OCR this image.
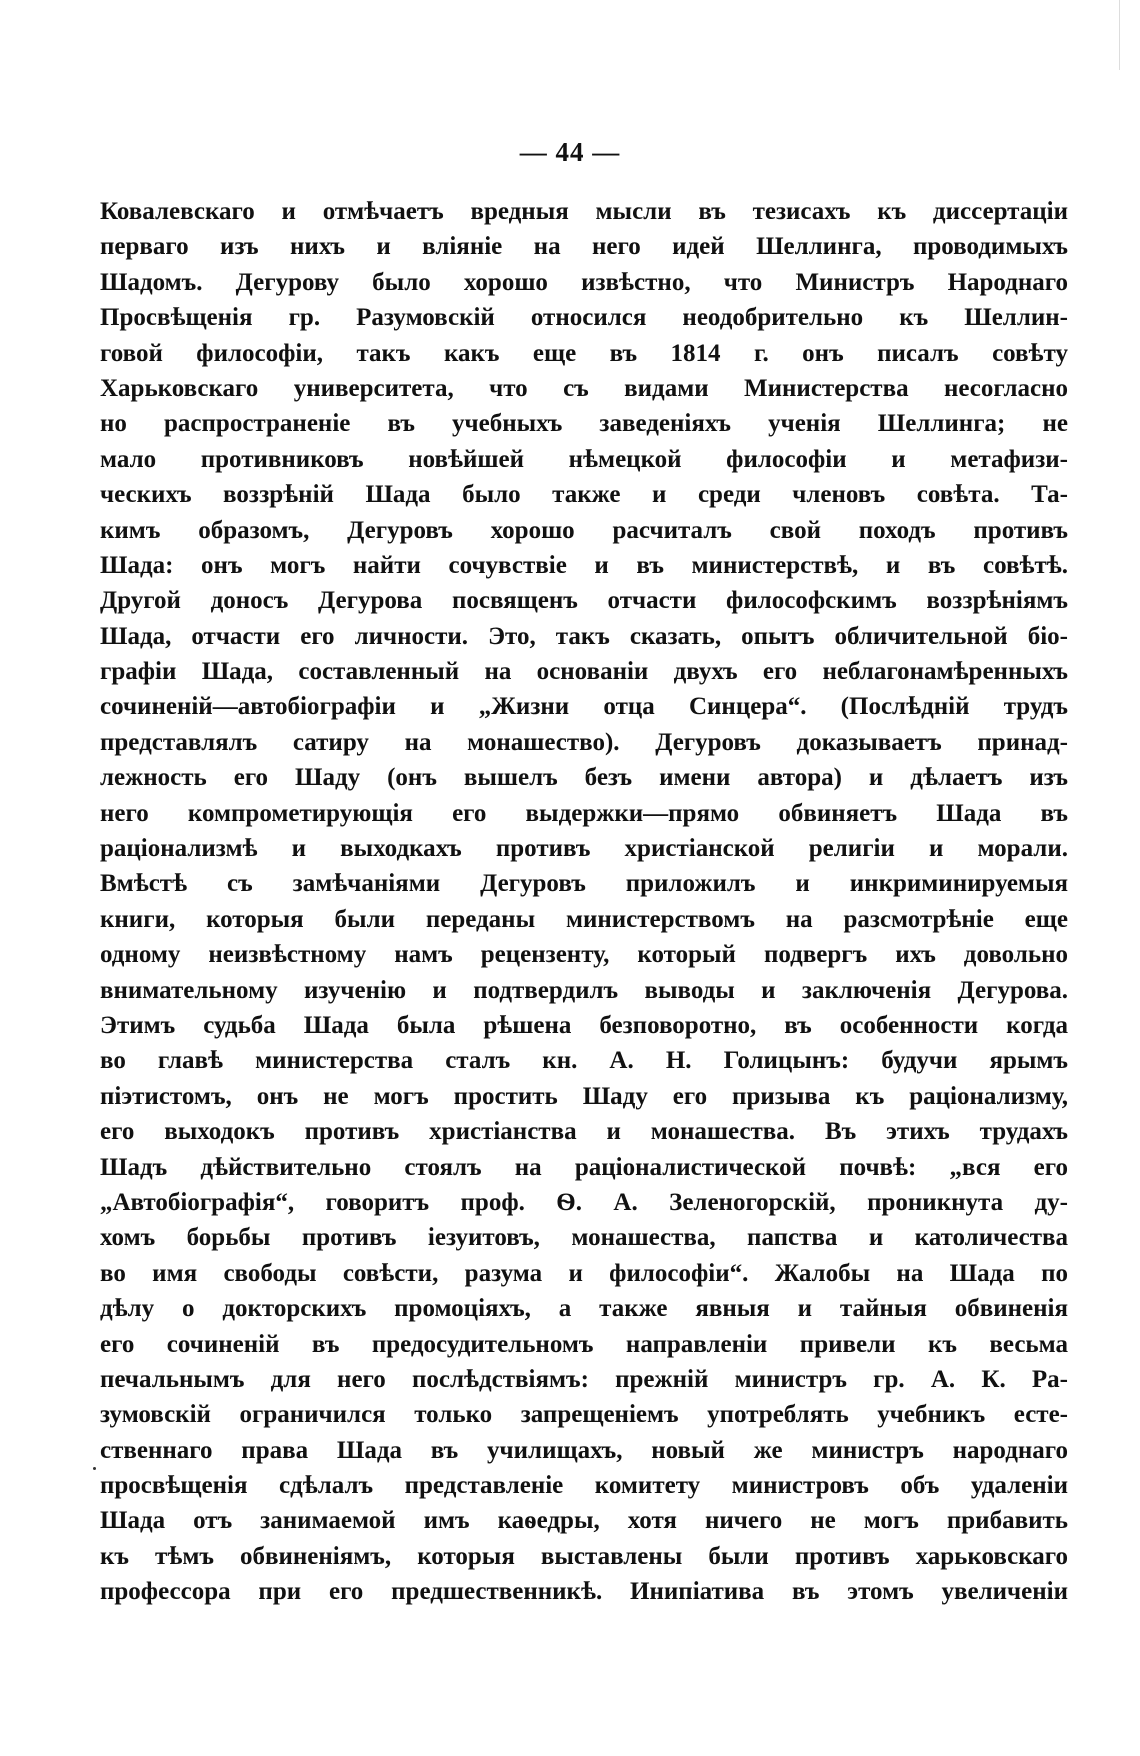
— 44 —
Ковалевскаго и отмѣчаетъ вредныя мысли въ тезисахъ къ диссертаціи
перваго изъ нихъ и вліяніе на него идей Шеллинга, проводимыхъ
Шадомъ. Дегурову было хорошо извѣстно, что Министръ Народнаго
Просвѣщенія гр. Разумовскій относился неодобрительно къ Шеллин-
говой философіи, такъ какъ еще въ 1814 г. онъ писалъ совѣту
Харьковскаго университета, что съ видами Министерства несогласно
но распространеніе въ учебныхъ заведеніяхъ ученія Шеллинга; не
мало противниковъ новѣйшей нѣмецкой философіи и метафизи-
ческихъ воззрѣній Шада было также и среди членовъ совѣта. Та-
кимъ образомъ, Дегуровъ хорошо расчиталъ свой походъ противъ
Шада: онъ могъ найти сочувствіе и въ министерствѣ, и въ совѣтѣ.
Другой доносъ Дегурова посвященъ отчасти философскимъ воззрѣніямъ
Шада, отчасти его личности. Это, такъ сказать, опытъ обличительной біо-
графіи Шада, составленный на основаніи двухъ его неблагонамѣренныхъ
сочиненій—автобіографіи и „Жизни отца Синцера“. (Послѣдній трудъ
представлялъ сатиру на монашество). Дегуровъ доказываетъ принад-
лежность его Шаду (онъ вышелъ безъ имени автора) и дѣлаетъ изъ
него компрометирующія его выдержки—прямо обвиняетъ Шада въ
раціонализмѣ и выходкахъ противъ христіанской религіи и морали.
Вмѣстѣ съ замѣчаніями Дегуровъ приложилъ и инкриминируемыя
книги, которыя были переданы министерствомъ на разсмотрѣніе еще
одному неизвѣстному намъ рецензенту, который подвергъ ихъ довольно
внимательному изученію и подтвердилъ выводы и заключенія Дегурова.
Этимъ судьба Шада была рѣшена безповоротно, въ особенности когда
во главѣ министерства сталъ кн. А. Н. Голицынъ: будучи ярымъ
піэтистомъ, онъ не могъ простить Шаду его призыва къ раціонализму,
его выходокъ противъ христіанства и монашества. Въ этихъ трудахъ
Шадъ дѣйствительно стоялъ на раціоналистической почвѣ: „вся его
„Автобіографія“, говоритъ проф. Ѳ. А. Зеленогорскій, проникнута ду-
хомъ борьбы противъ іезуитовъ, монашества, папства и католичества
во имя свободы совѣсти, разума и философіи“. Жалобы на Шада по
дѣлу о докторскихъ промоціяхъ, а также явныя и тайныя обвиненія
его сочиненій въ предосудительномъ направленіи привели къ весьма
печальнымъ для него послѣдствіямъ: прежній министръ гр. А. К. Ра-
зумовскій ограничился только запрещеніемъ употреблять учебникъ есте-
ственнаго права Шада въ училищахъ, новый же министръ народнаго
просвѣщенія сдѣлалъ представленіе комитету министровъ объ удаленіи
Шада отъ занимаемой имъ каѳедры, хотя ничего не могъ прибавить
къ тѣмъ обвиненіямъ, которыя выставлены были противъ харьковскаго
профессора при его предшественникѣ. Инипіатива въ этомъ увеличеніи
